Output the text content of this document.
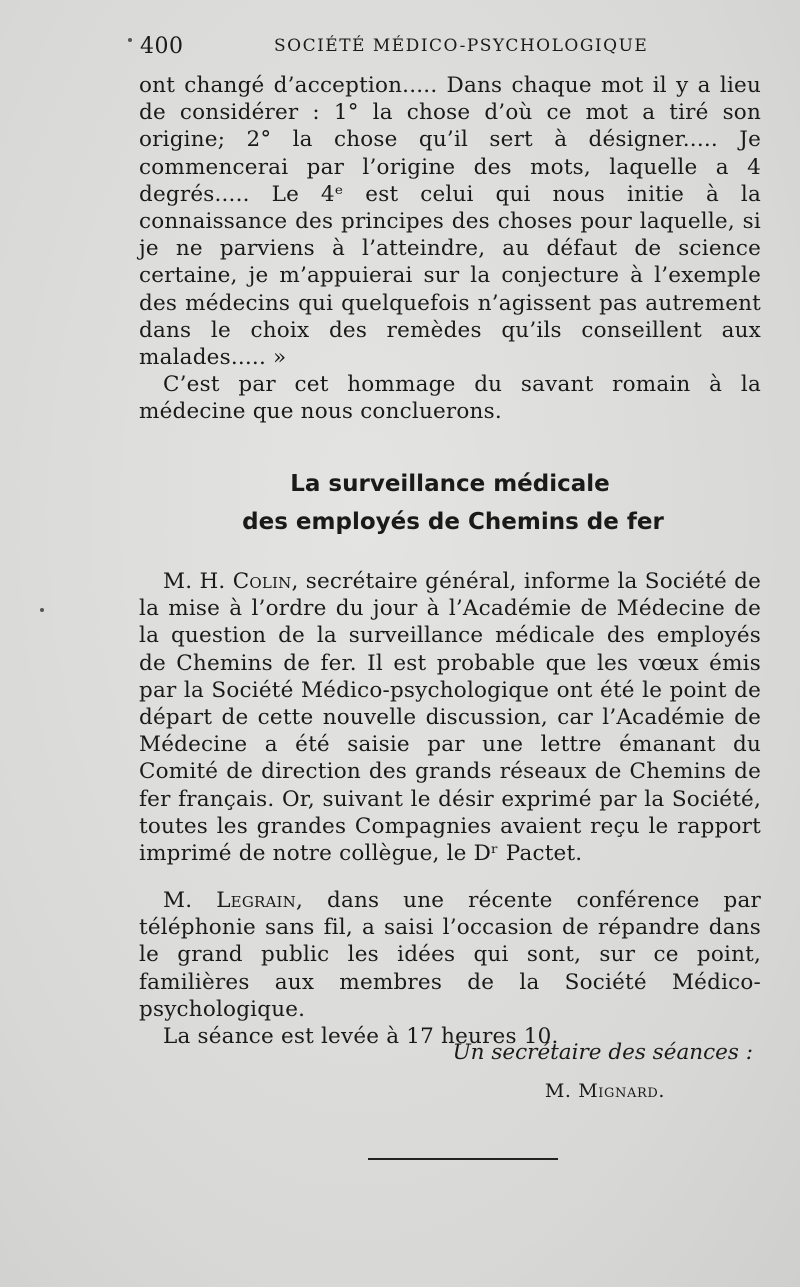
400	SOCIÉTÉ MÉDICO-PSYCHOLOGIQUE

ont changé d’acception..... Dans chaque mot il y a lieu de considérer : 1° la chose d’où ce mot a tiré son origine; 2° la chose qu’il sert à désigner..... Je commencerai par l’origine des mots, laquelle a 4 degrés..... Le 4ᵉ est celui qui nous initie à la connaissance des principes des choses pour laquelle, si je ne parviens à l’atteindre, au défaut de science certaine, je m’appuierai sur la conjecture à l’exemple des médecins qui quelquefois n’agissent pas autrement dans le choix des remèdes qu’ils conseillent aux malades..... »

C’est par cet hommage du savant romain à la médecine que nous concluerons.

La surveillance médicale
des employés de Chemins de fer

M. H. Colin, secrétaire général, informe la Société de la mise à l’ordre du jour à l’Académie de Médecine de la question de la surveillance médicale des employés de Chemins de fer. Il est probable que les vœux émis par la Société Médico-psychologique ont été le point de départ de cette nouvelle discussion, car l’Académie de Médecine a été saisie par une lettre émanant du Comité de direction des grands réseaux de Chemins de fer français. Or, suivant le désir exprimé par la Société, toutes les grandes Compagnies avaient reçu le rapport imprimé de notre collègue, le Dʳ Pactet.

M. Legrain, dans une récente conférence par téléphonie sans fil, a saisi l’occasion de répandre dans le grand public les idées qui sont, sur ce point, familières aux membres de la Société Médico-psychologique.

La séance est levée à 17 heures 10.

Un secrétaire des séances :
M. Mignard.
